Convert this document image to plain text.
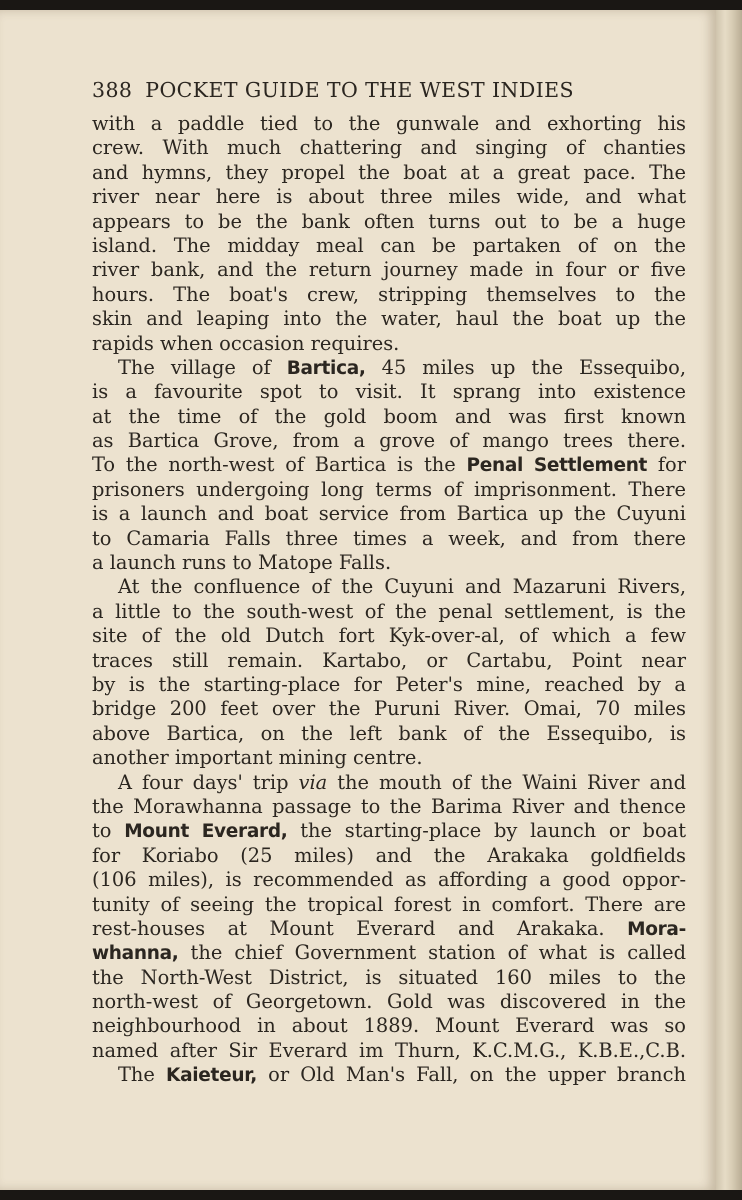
388 POCKET GUIDE TO THE WEST INDIES
with a paddle tied to the gunwale and exhorting his
crew. With much chattering and singing of chanties
and hymns, they propel the boat at a great pace. The
river near here is about three miles wide, and what
appears to be the bank often turns out to be a huge
island. The midday meal can be partaken of on the
river bank, and the return journey made in four or five
hours. The boat's crew, stripping themselves to the
skin and leaping into the water, haul the boat up the
rapids when occasion requires.
The village of Bartica, 45 miles up the Essequibo,
is a favourite spot to visit. It sprang into existence
at the time of the gold boom and was first known
as Bartica Grove, from a grove of mango trees there.
To the north-west of Bartica is the Penal Settlement for
prisoners undergoing long terms of imprisonment. There
is a launch and boat service from Bartica up the Cuyuni
to Camaria Falls three times a week, and from there
a launch runs to Matope Falls.
At the confluence of the Cuyuni and Mazaruni Rivers,
a little to the south-west of the penal settlement, is the
site of the old Dutch fort Kyk-over-al, of which a few
traces still remain. Kartabo, or Cartabu, Point near
by is the starting-place for Peter's mine, reached by a
bridge 200 feet over the Puruni River. Omai, 70 miles
above Bartica, on the left bank of the Essequibo, is
another important mining centre.
A four days' trip via the mouth of the Waini River and
the Morawhanna passage to the Barima River and thence
to Mount Everard, the starting-place by launch or boat
for Koriabo (25 miles) and the Arakaka goldfields
(106 miles), is recommended as affording a good oppor-
tunity of seeing the tropical forest in comfort. There are
rest-houses at Mount Everard and Arakaka. Mora-
whanna, the chief Government station of what is called
the North-West District, is situated 160 miles to the
north-west of Georgetown. Gold was discovered in the
neighbourhood in about 1889. Mount Everard was so
named after Sir Everard im Thurn, K.C.M.G., K.B.E.,C.B.
The Kaieteur, or Old Man's Fall, on the upper branch
